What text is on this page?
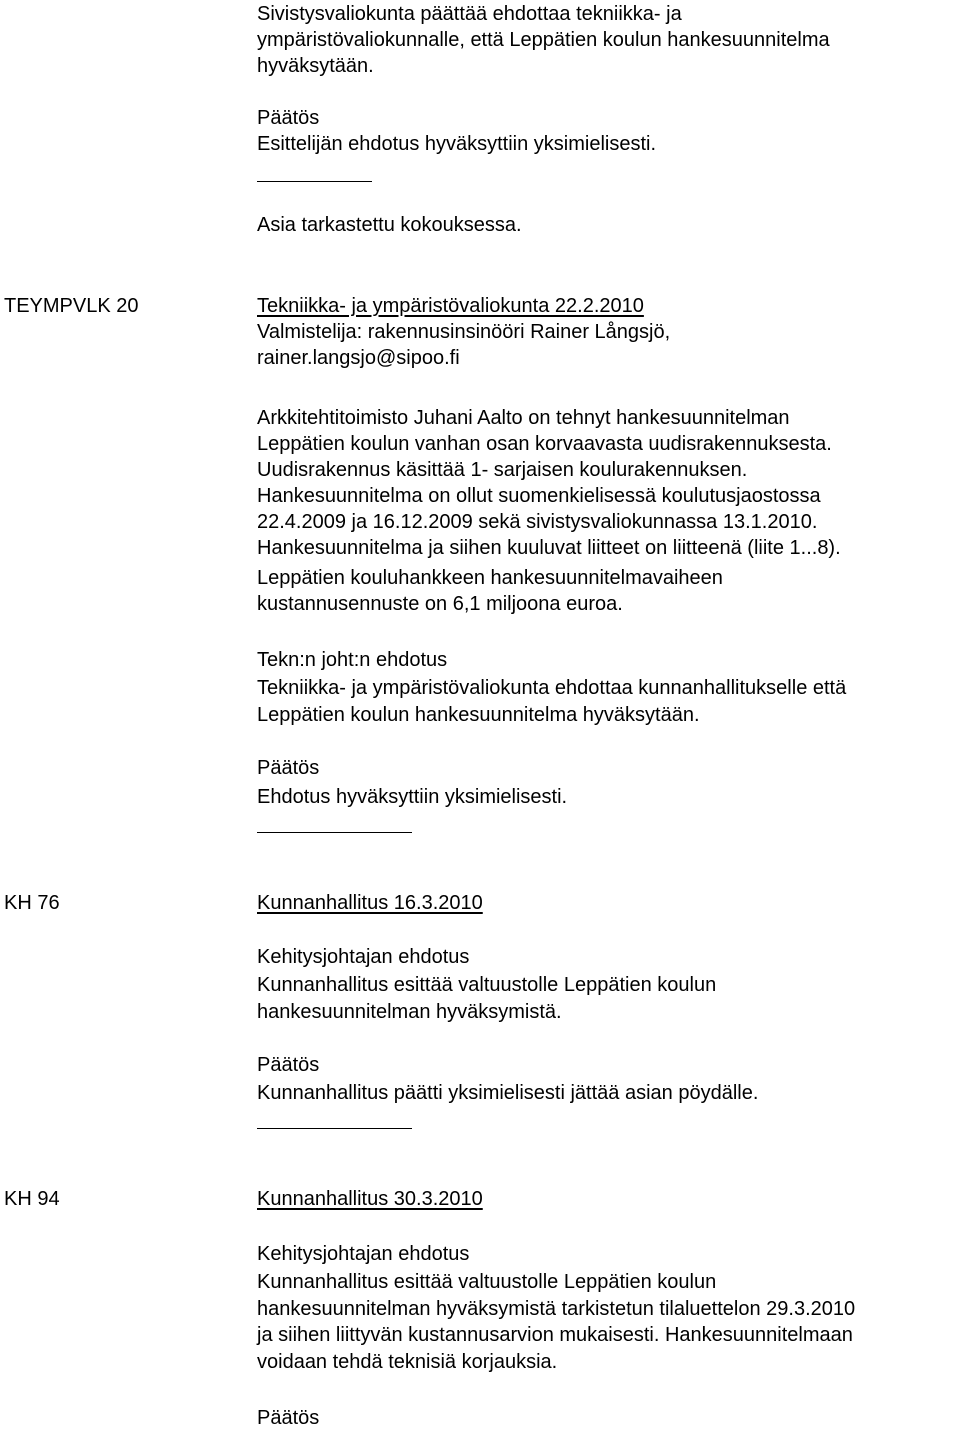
Sivistysvaliokunta päättää ehdottaa tekniikka- ja
ympäristövaliokunnalle, että Leppätien koulun hankesuunnitelma
hyväksytään.
Päätös
Esittelijän ehdotus hyväksyttiin yksimielisesti.
Asia tarkastettu kokouksessa.
TEYMPVLK 20	Tekniikka- ja ympäristövaliokunta 22.2.2010
Valmistelija: rakennusinsinööri Rainer Långsjö,
rainer.langsjo@sipoo.fi
Arkkitehtitoimisto Juhani Aalto on tehnyt hankesuunnitelman
Leppätien koulun vanhan osan korvaavasta uudisrakennuksesta.
Uudisrakennus käsittää 1- sarjaisen koulurakennuksen.
Hankesuunnitelma on ollut suomenkielisessä koulutusjaostossa
22.4.2009 ja 16.12.2009 sekä sivistysvaliokunnassa 13.1.2010.
Hankesuunnitelma ja siihen kuuluvat liitteet on liitteenä (liite 1...8).
Leppätien kouluhankkeen hankesuunnitelmavaiheen
kustannusennuste on 6,1 miljoona euroa.
Tekn:n joht:n ehdotus
Tekniikka- ja ympäristövaliokunta ehdottaa kunnanhallitukselle että
Leppätien koulun hankesuunnitelma hyväksytään.
Päätös
Ehdotus hyväksyttiin yksimielisesti.
KH 76	Kunnanhallitus 16.3.2010
Kehitysjohtajan ehdotus
Kunnanhallitus esittää valtuustolle Leppätien koulun
hankesuunnitelman hyväksymistä.
Päätös
Kunnanhallitus päätti yksimielisesti jättää asian pöydälle.
KH 94	Kunnanhallitus 30.3.2010
Kehitysjohtajan ehdotus
Kunnanhallitus esittää valtuustolle Leppätien koulun
hankesuunnitelman hyväksymistä tarkistetun tilaluettelon 29.3.2010
ja siihen liittyvän kustannusarvion mukaisesti. Hankesuunnitelmaan
voidaan tehdä teknisiä korjauksia.
Päätös
